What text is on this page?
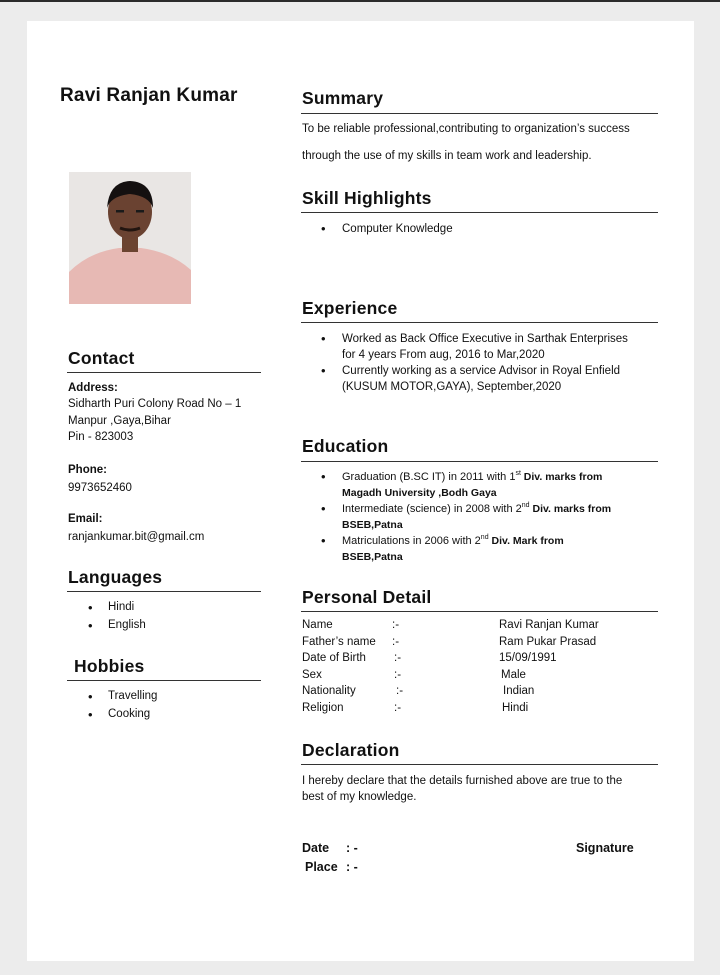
Ravi Ranjan Kumar
Contact
Address:
Sidharth Puri Colony Road No – 1
Manpur ,Gaya,Bihar
Pin - 823003
Phone:
9973652460
Email:
ranjankumar.bit@gmail.cm
Languages
• Hindi
• English
Hobbies
• Travelling
• Cooking
Summary
To be reliable professional,contributing to organization’s success
through the use of my skills in team work and leadership.
Skill Highlights
• Computer Knowledge
Experience
• Worked as Back Office Executive in Sarthak Enterprises
for 4 years From aug, 2016 to Mar,2020
• Currently working as a service Advisor in Royal Enfield
(KUSUM MOTOR,GAYA), September,2020
Education
• Graduation (B.SC IT) in 2011 with 1st Div. marks from
Magadh University ,Bodh Gaya
• Intermediate (science) in 2008 with 2nd Div. marks from
BSEB,Patna
• Matriculations in 2006 with 2nd Div. Mark from
BSEB,Patna
Personal Detail
Name	:-	Ravi Ranjan Kumar
Father’s name :-	Ram Pukar Prasad
Date of Birth :-	15/09/1991
Sex	:-	Male
Nationality	:-	Indian
Religion	:-	Hindi
Declaration
I hereby declare that the details furnished above are true to the
best of my knowledge.
Date : -
Place : -
Signature
